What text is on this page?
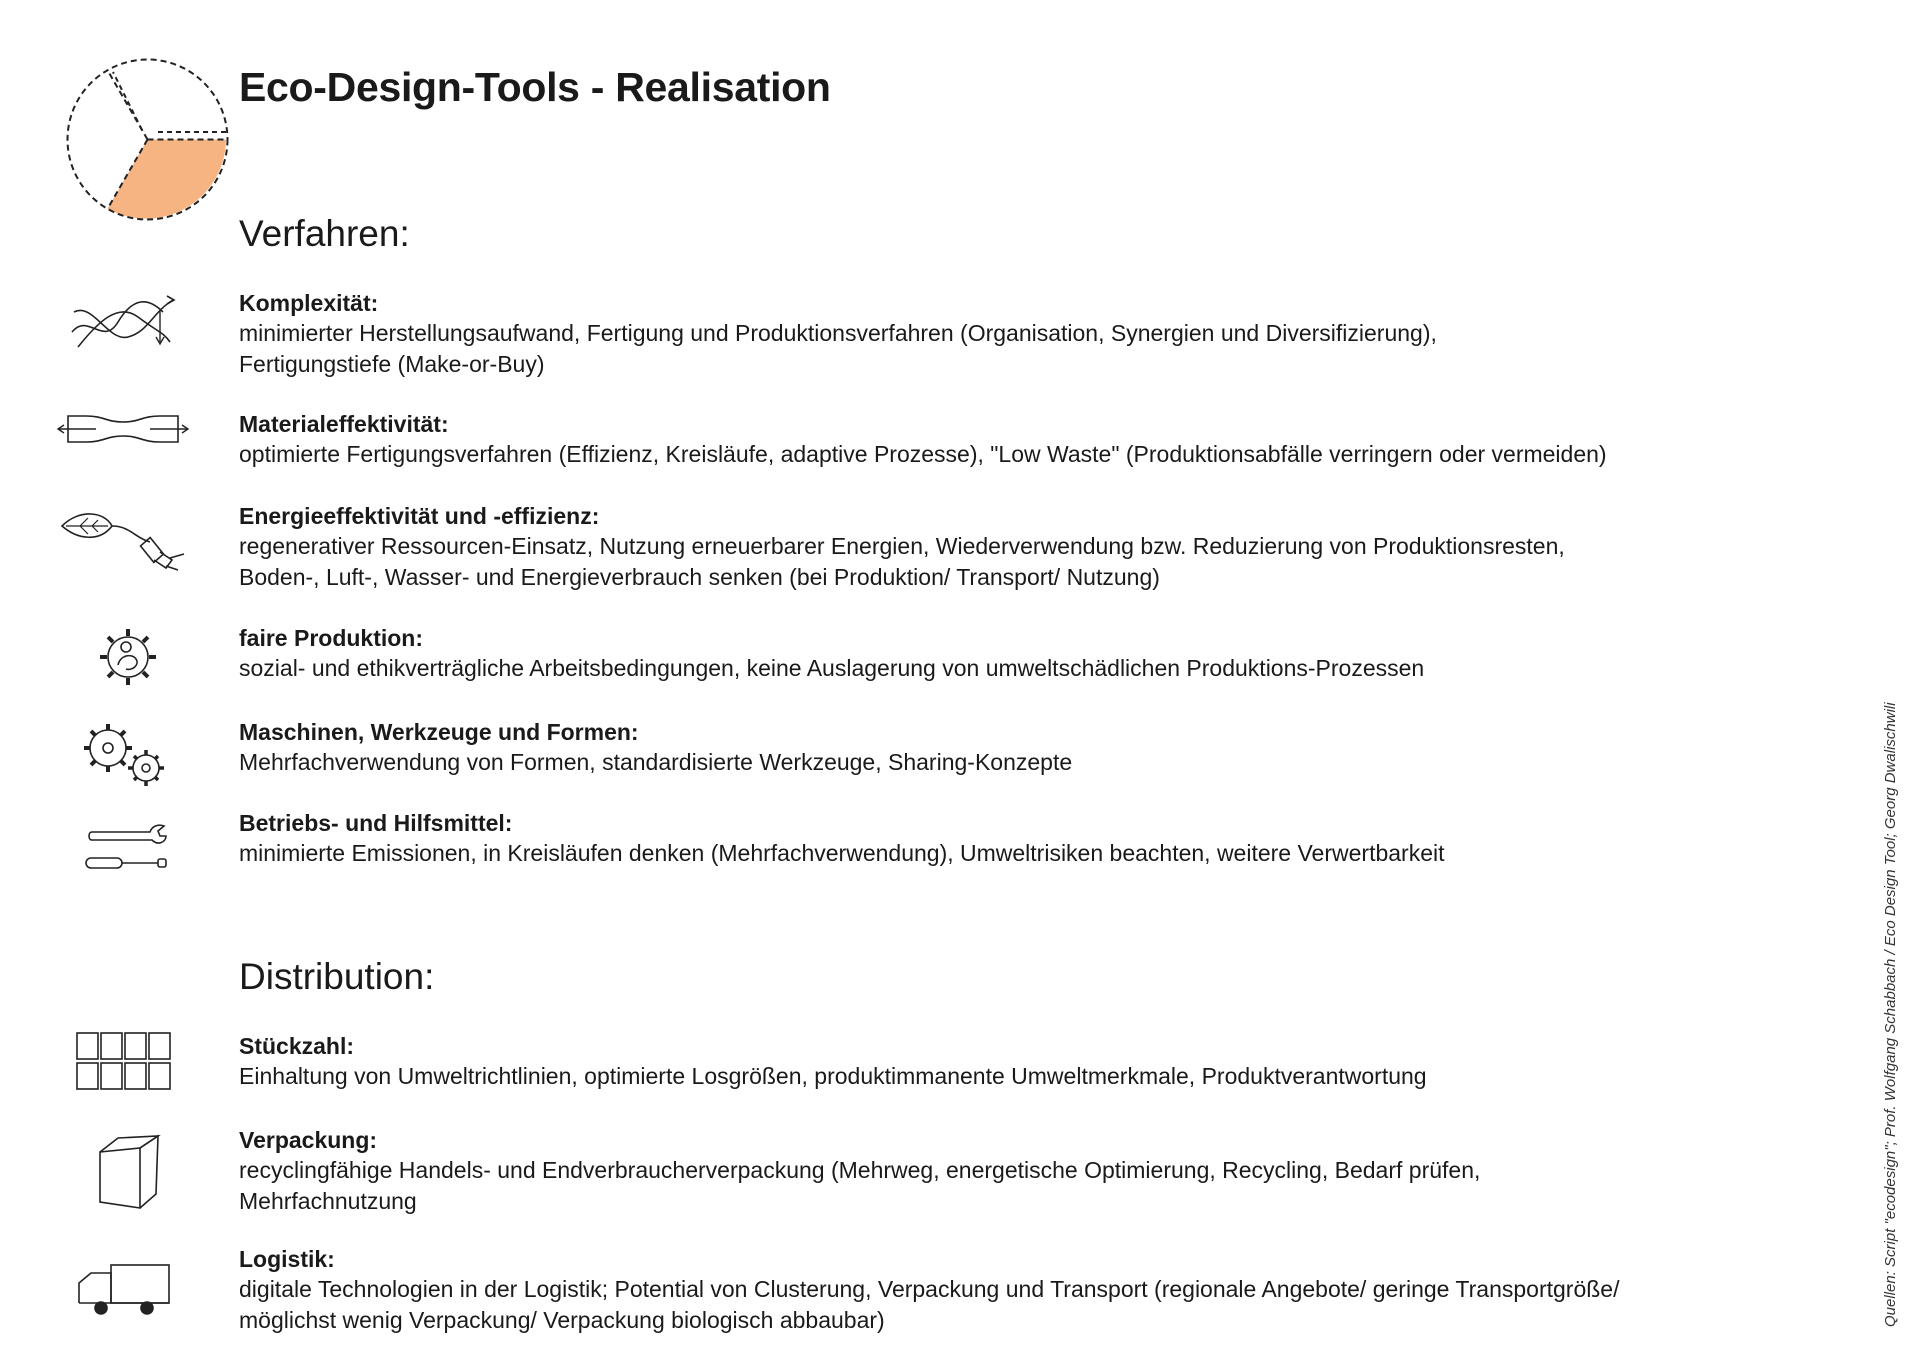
Eco-Design-Tools - Realisation
Verfahren:

Komplexität:

minimierter Herstellungsaufwand, Fertigung und Produktionsverfahren (Organisation, Synergien und Diversifizierung),

Fertigungstiefe (Make-or-Buy)

Materialeffektivität:

optimierte Fertigungsverfahren (Effizienz, Kreisläufe, adaptive Prozesse), "Low Waste" (Produktionsabfälle verringern oder vermeiden)

Energieeffektivität und -effizienz:

regenerativer Ressourcen-Einsatz, Nutzung erneuerbarer Energien, Wiederverwendung bzw. Reduzierung von Produktionsresten,

Boden-, Luft-, Wasser- und Energieverbrauch senken (bei Produktion/ Transport/ Nutzung)

faire Produktion:

sozial- und ethikverträgliche Arbeitsbedingungen, keine Auslagerung von umweltschädlichen Produktions-Prozessen

Maschinen, Werkzeuge und Formen:

Mehrfachverwendung von Formen, standardisierte Werkzeuge, Sharing-Konzepte

Betriebs- und Hilfsmittel:

minimierte Emissionen, in Kreisläufen denken (Mehrfachverwendung), Umweltrisiken beachten, weitere Verwertbarkeit

Distribution:

Stückzahl:

Einhaltung von Umweltrichtlinien, optimierte Losgrößen, produktimmanente Umweltmerkmale, Produktverantwortung

Verpackung:

recyclingfähige Handels- und Endverbraucherverpackung (Mehrweg, energetische Optimierung, Recycling, Bedarf prüfen,

Mehrfachnutzung

Logistik:

digitale Technologien in der Logistik; Potential von Clusterung, Verpackung und Transport (regionale Angebote/ geringe Transportgröße/

möglichst wenig Verpackung/ Verpackung biologisch abbaubar)	Quellen: Script "ecodesign"; Prof. Wolfgang Schabbach / Eco Design Tool; Georg Dwalischwili
